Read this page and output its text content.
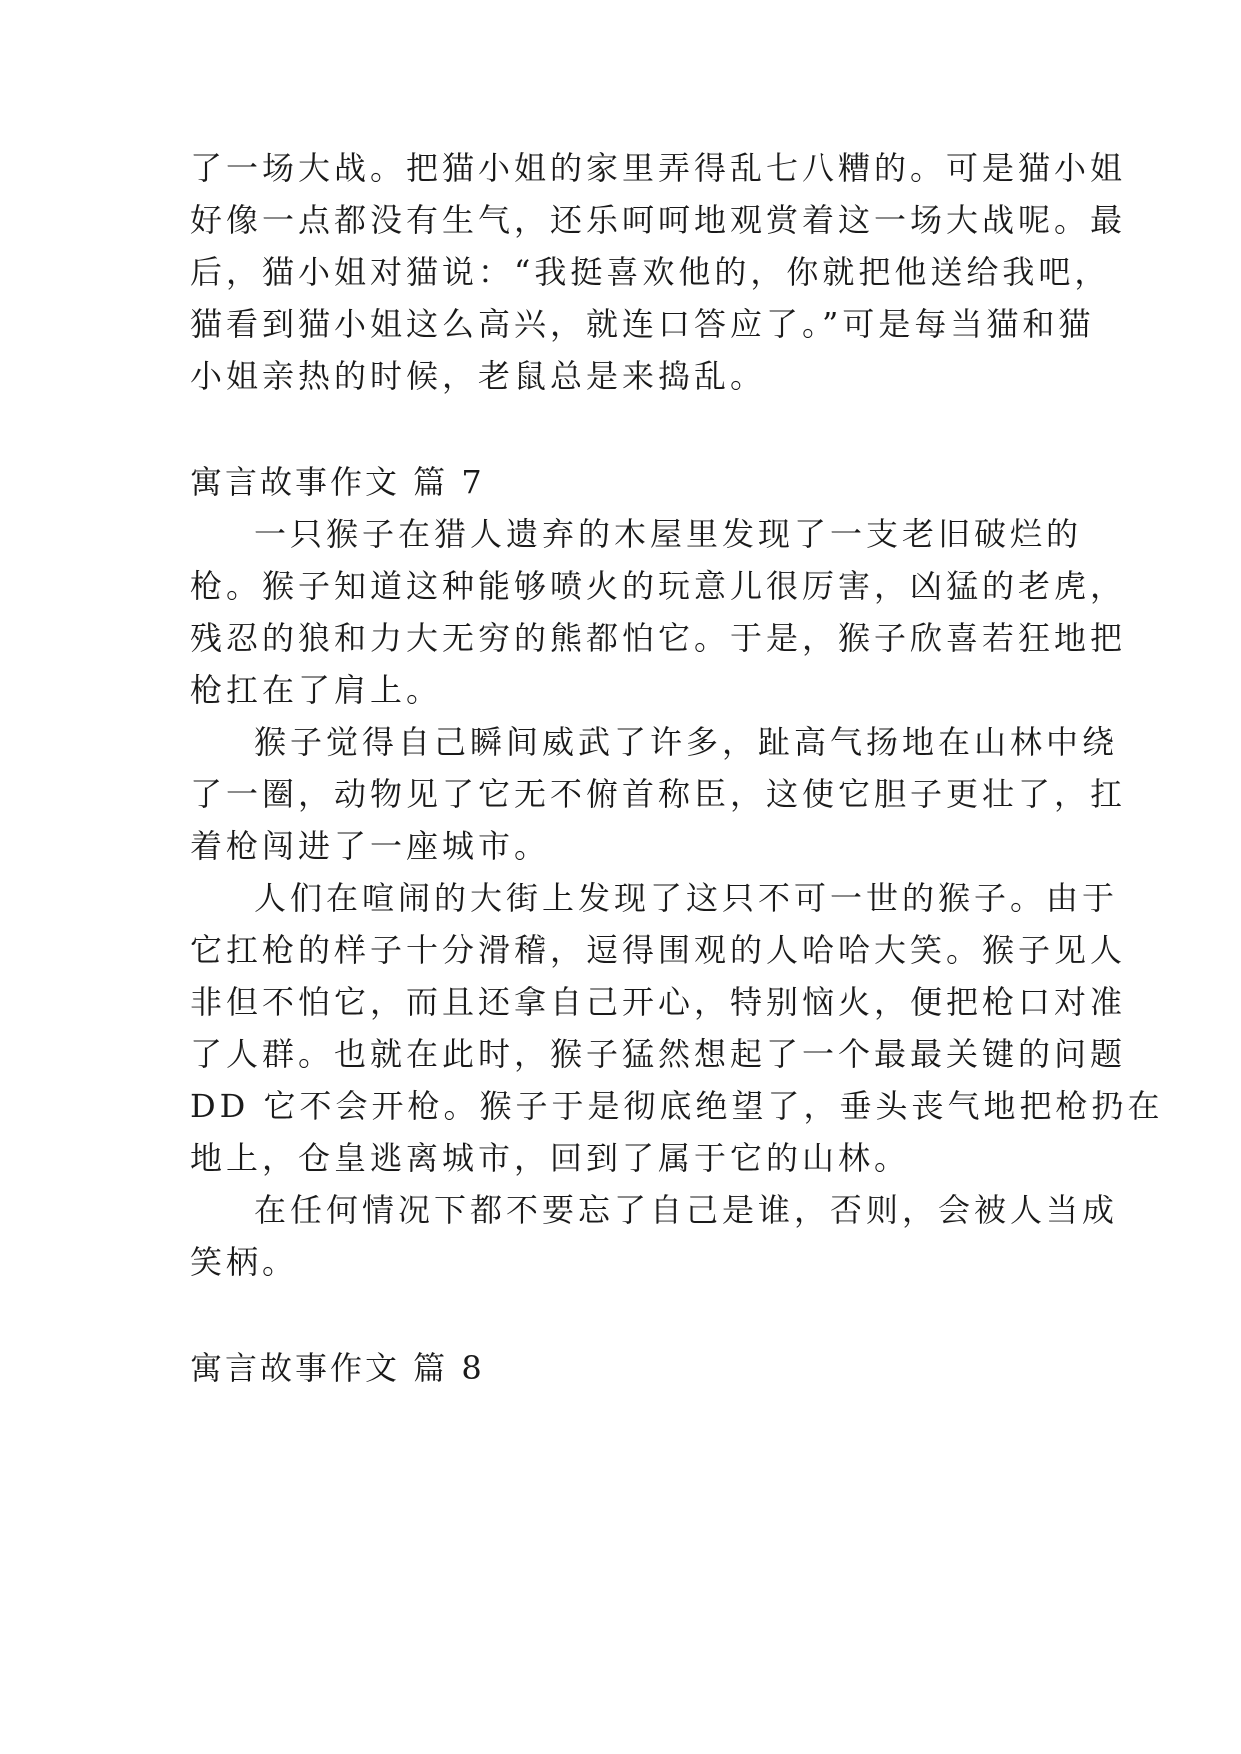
了一场大战。把猫小姐的家里弄得乱七八糟的。可是猫小姐
好像一点都没有生气，还乐呵呵地观赏着这一场大战呢。最
后，猫小姐对猫说：“我挺喜欢他的，你就把他送给我吧，
猫看到猫小姐这么高兴，就连口答应了。”可是每当猫和猫
小姐亲热的时候，老鼠总是来捣乱。
寓言故事作文 篇 7
一只猴子在猎人遗弃的木屋里发现了一支老旧破烂的
枪。猴子知道这种能够喷火的玩意儿很厉害，凶猛的老虎，
残忍的狼和力大无穷的熊都怕它。于是，猴子欣喜若狂地把
枪扛在了肩上。
猴子觉得自己瞬间威武了许多，趾高气扬地在山林中绕
了一圈，动物见了它无不俯首称臣，这使它胆子更壮了，扛
着枪闯进了一座城市。
人们在喧闹的大街上发现了这只不可一世的猴子。由于
它扛枪的样子十分滑稽，逗得围观的人哈哈大笑。猴子见人
非但不怕它，而且还拿自己开心，特别恼火，便把枪口对准
了人群。也就在此时，猴子猛然想起了一个最最关键的问题
DD 它不会开枪。猴子于是彻底绝望了，垂头丧气地把枪扔在
地上，仓皇逃离城市，回到了属于它的山林。
在任何情况下都不要忘了自己是谁，否则，会被人当成
笑柄。
寓言故事作文 篇 8
